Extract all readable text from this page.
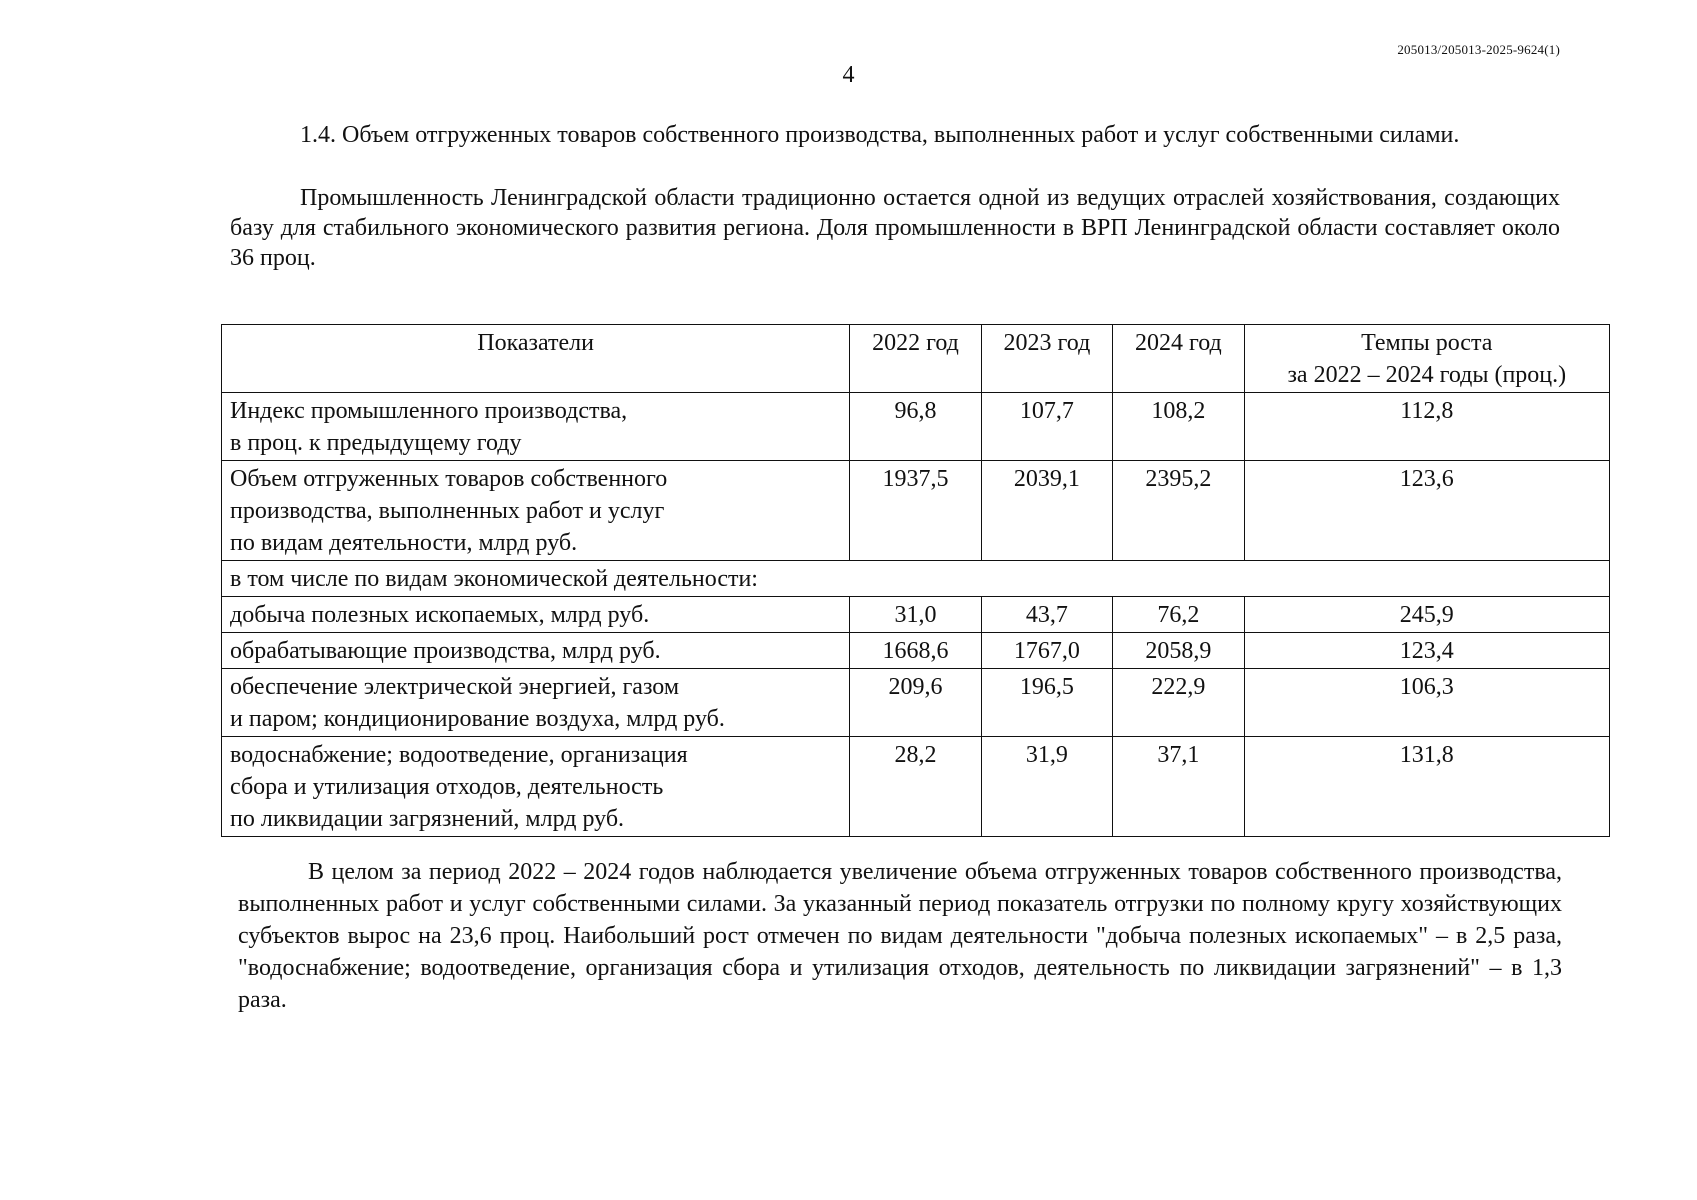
205013/205013-2025-9624(1)
4

1.4. Объем отгруженных товаров собственного производства, выполненных работ и услуг собственными силами.

Промышленность Ленинградской области традиционно остается одной из ведущих отраслей хозяйствования, создающих базу для стабильного экономического развития региона. Доля промышленности в ВРП Ленинградской области составляет около 36 проц.

Показатели	2022 год	2023 год	2024 год	Темпы роста
за 2022 – 2024 годы (проц.)

Индекс промышленного производства,
в проц. к предыдущему году	96,8	107,7	108,2	112,8

Объем отгруженных товаров собственного
производства, выполненных работ и услуг
по видам деятельности, млрд руб.	1937,5	2039,1	2395,2	123,6
в том числе по видам экономической деятельности:				

добыча полезных ископаемых, млрд руб.	31,0	43,7	76,2	245,9

обрабатывающие производства, млрд руб.	1668,6	1767,0	2058,9	123,4

обеспечение электрической энергией, газом
и паром; кондиционирование воздуха, млрд руб.	209,6	196,5	222,9	106,3

водоснабжение; водоотведение, организация
сбора и утилизация отходов, деятельность
по ликвидации загрязнений, млрд руб.	28,2	31,9	37,1	131,8

В целом за период 2022 – 2024 годов наблюдается увеличение объема отгруженных товаров собственного производства, выполненных работ и услуг собственными силами. За указанный период показатель отгрузки по полному кругу хозяйствующих субъектов вырос на 23,6 проц. Наибольший рост отмечен по видам деятельности "добыча полезных ископаемых" – в 2,5 раза, "водоснабжение; водоотведение, организация сбора и утилизация отходов, деятельность по ликвидации загрязнений" – в 1,3 раза.
